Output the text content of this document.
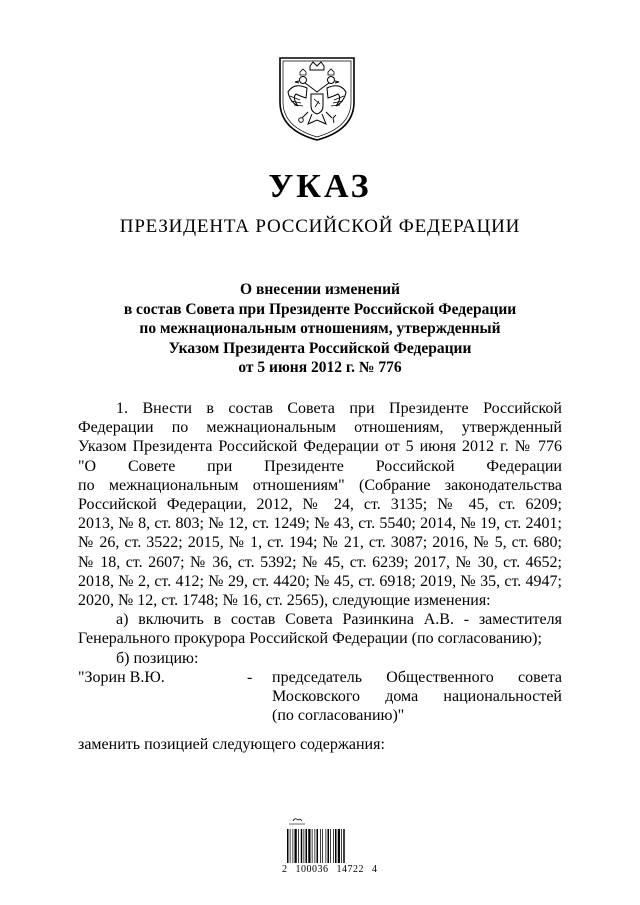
УКАЗ
ПРЕЗИДЕНТА РОССИЙСКОЙ ФЕДЕРАЦИИ
О внесении изменений
в состав Совета при Президенте Российской Федерации
по межнациональным отношениям, утвержденный
Указом Президента Российской Федерации
от 5 июня 2012 г. № 776
1. Внести в состав Совета при Президенте Российской
Федерации по межнациональным отношениям, утвержденный
Указом Президента Российской Федерации от 5 июня 2012 г. № 776
"О Совете при Президенте Российской Федерации
по межнациональным отношениям" (Собрание законодательства
Российской Федерации, 2012, № 24, ст. 3135; № 45, ст. 6209;
2013, № 8, ст. 803; № 12, ст. 1249; № 43, ст. 5540; 2014, № 19, ст. 2401;
№ 26, ст. 3522; 2015, № 1, ст. 194; № 21, ст. 3087; 2016, № 5, ст. 680;
№ 18, ст. 2607; № 36, ст. 5392; № 45, ст. 6239; 2017, № 30, ст. 4652;
2018, № 2, ст. 412; № 29, ст. 4420; № 45, ст. 6918; 2019, № 35, ст. 4947;
2020, № 12, ст. 1748; № 16, ст. 2565), следующие изменения:
а) включить в состав Совета Разинкина А.В. - заместителя
Генерального прокурора Российской Федерации (по согласованию);
б) позицию:
"Зорин В.Ю.	- председатель Общественного совета
Московского дома национальностей
(по согласованию)"
заменить позицией следующего содержания:
2 100036 14722 4
